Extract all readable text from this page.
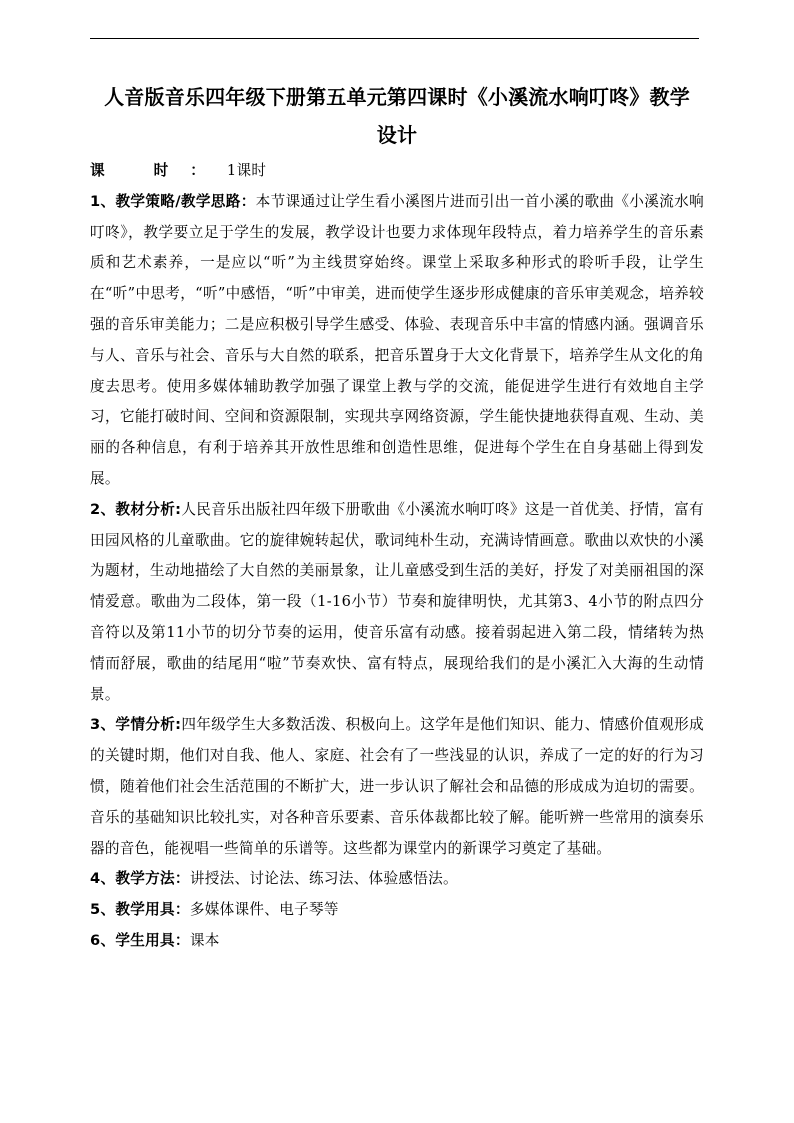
人音版音乐四年级下册第五单元第四课时《小溪流水响叮咚》教学
设计

课 时：1课时

1、教学策略/教学思路：本节课通过让学生看小溪图片进而引出一首小溪的歌曲《小溪流水响叮咚》，教学要立足于学生的发展，教学设计也要力求体现年段特点，着力培养学生的音乐素质和艺术素养，一是应以“听”为主线贯穿始终。课堂上采取多种形式的聆听手段，让学生在“听”中思考，“听”中感悟，“听”中审美，进而使学生逐步形成健康的音乐审美观念，培养较强的音乐审美能力；二是应积极引导学生感受、体验、表现音乐中丰富的情感内涵。强调音乐与人、音乐与社会、音乐与大自然的联系，把音乐置身于大文化背景下，培养学生从文化的角度去思考。使用多媒体辅助教学加强了课堂上教与学的交流，能促进学生进行有效地自主学习，它能打破时间、空间和资源限制，实现共享网络资源，学生能快捷地获得直观、生动、美丽的各种信息，有利于培养其开放性思维和创造性思维，促进每个学生在自身基础上得到发展。

2、教材分析:人民音乐出版社四年级下册歌曲《小溪流水响叮咚》这是一首优美、抒情，富有田园风格的儿童歌曲。它的旋律婉转起伏，歌词纯朴生动，充满诗情画意。歌曲以欢快的小溪为题材，生动地描绘了大自然的美丽景象，让儿童感受到生活的美好，抒发了对美丽祖国的深情爱意。歌曲为二段体，第一段（1-16小节）节奏和旋律明快，尤其第3、4小节的附点四分音符以及第11小节的切分节奏的运用，使音乐富有动感。接着弱起进入第二段，情绪转为热情而舒展，歌曲的结尾用“啦”节奏欢快、富有特点，展现给我们的是小溪汇入大海的生动情景。

3、学情分析:四年级学生大多数活泼、积极向上。这学年是他们知识、能力、情感价值观形成的关键时期，他们对自我、他人、家庭、社会有了一些浅显的认识，养成了一定的好的行为习惯，随着他们社会生活范围的不断扩大，进一步认识了解社会和品德的形成成为迫切的需要。音乐的基础知识比较扎实，对各种音乐要素、音乐体裁都比较了解。能听辨一些常用的演奏乐器的音色，能视唱一些简单的乐谱等。这些都为课堂内的新课学习奠定了基础。

4、教学方法：讲授法、讨论法、练习法、体验感悟法。

5、教学用具：多媒体课件、电子琴等

6、学生用具：课本
